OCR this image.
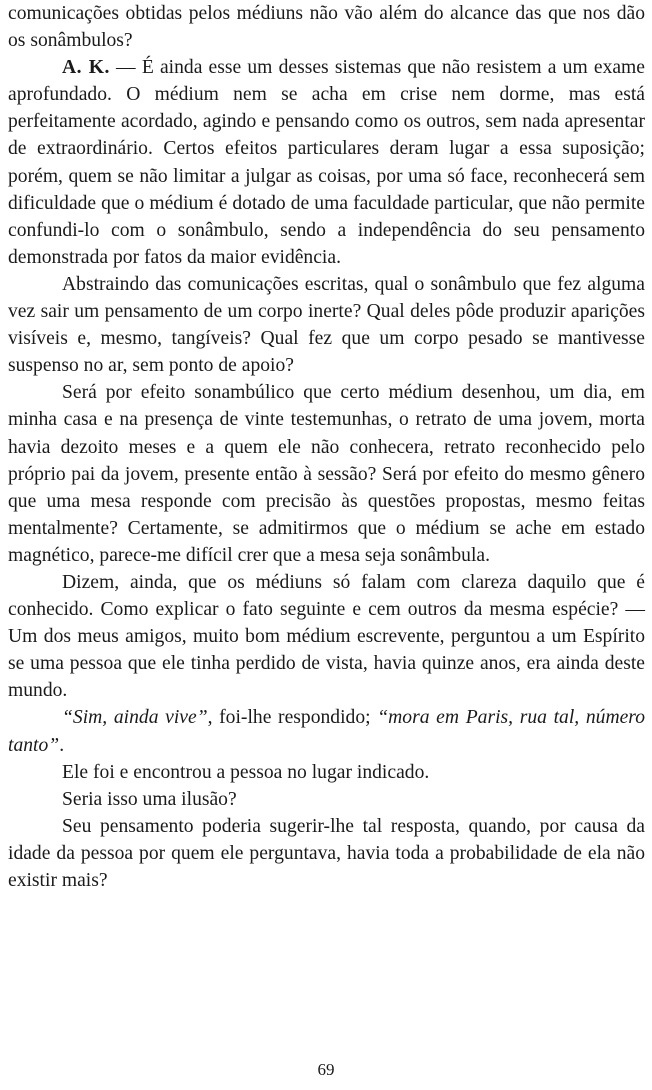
comunicações obtidas pelos médiuns não vão além do alcance das que nos dão os sonâmbulos?

A. K. — É ainda esse um desses sistemas que não resistem a um exame aprofundado. O médium nem se acha em crise nem dorme, mas está perfeitamente acordado, agindo e pensando como os outros, sem nada apresentar de extraordinário. Certos efeitos particulares deram lugar a essa suposição; porém, quem se não limitar a julgar as coisas, por uma só face, reconhecerá sem dificuldade que o médium é dotado de uma faculdade particular, que não permite confundi-lo com o sonâmbulo, sendo a independência do seu pensamento demonstrada por fatos da maior evidência.

Abstraindo das comunicações escritas, qual o sonâmbulo que fez alguma vez sair um pensamento de um corpo inerte? Qual deles pôde produzir aparições visíveis e, mesmo, tangíveis? Qual fez que um corpo pesado se mantivesse suspenso no ar, sem ponto de apoio?

Será por efeito sonambúlico que certo médium desenhou, um dia, em minha casa e na presença de vinte testemunhas, o retrato de uma jovem, morta havia dezoito meses e a quem ele não conhecera, retrato reconhecido pelo próprio pai da jovem, presente então à sessão? Será por efeito do mesmo gênero que uma mesa responde com precisão às questões propostas, mesmo feitas mentalmente? Certamente, se admitirmos que o médium se ache em estado magnético, parece-me difícil crer que a mesa seja sonâmbula.

Dizem, ainda, que os médiuns só falam com clareza daquilo que é conhecido. Como explicar o fato seguinte e cem outros da mesma espécie? — Um dos meus amigos, muito bom médium escrevente, perguntou a um Espírito se uma pessoa que ele tinha perdido de vista, havia quinze anos, era ainda deste mundo.

“Sim, ainda vive”, foi-lhe respondido; “mora em Paris, rua tal, número tanto”.

Ele foi e encontrou a pessoa no lugar indicado.

Seria isso uma ilusão?

Seu pensamento poderia sugerir-lhe tal resposta, quando, por causa da idade da pessoa por quem ele perguntava, havia toda a probabilidade de ela não existir mais?

69
